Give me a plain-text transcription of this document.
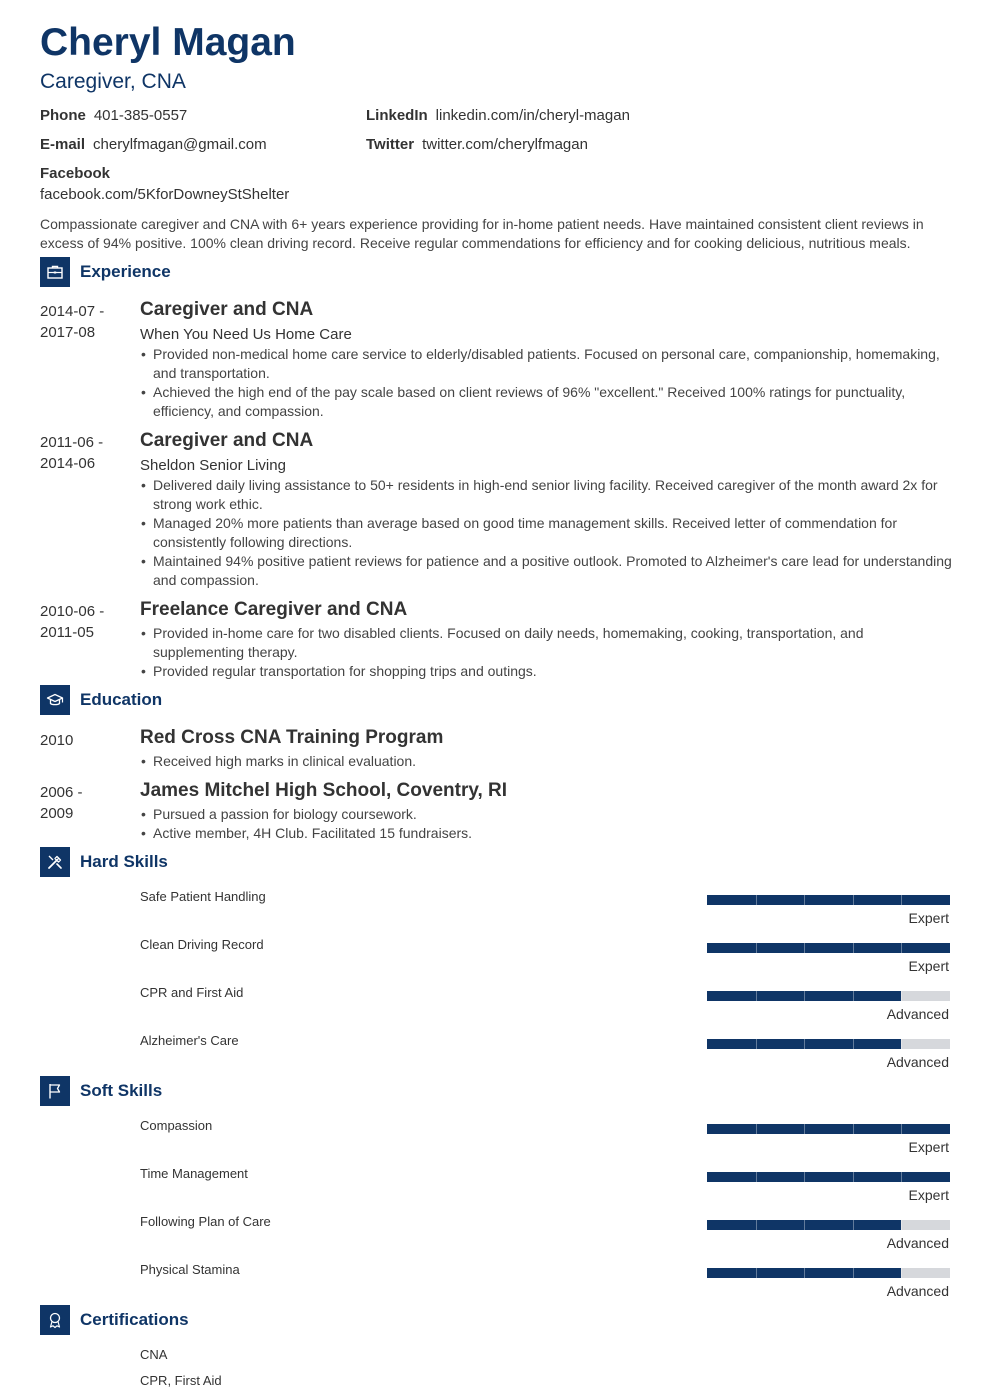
Cheryl Magan
Caregiver, CNA
Phone 401-385-0557
E-mail cherylfmagan@gmail.com
LinkedIn linkedin.com/in/cheryl-magan
Twitter twitter.com/cherylfmagan
Facebook
facebook.com/5KforDowneyStShelter
Compassionate caregiver and CNA with 6+ years experience providing for in-home patient needs. Have maintained consistent client reviews in excess of 94% positive. 100% clean driving record. Receive regular commendations for efficiency and for cooking delicious, nutritious meals.
Experience
2014-07 -
2017-08
Caregiver and CNA
When You Need Us Home Care
• Provided non-medical home care service to elderly/disabled patients. Focused on personal care, companionship, homemaking, and transportation.
• Achieved the high end of the pay scale based on client reviews of 96% "excellent." Received 100% ratings for punctuality, efficiency, and compassion.
2011-06 -
2014-06
Caregiver and CNA
Sheldon Senior Living
• Delivered daily living assistance to 50+ residents in high-end senior living facility. Received caregiver of the month award 2x for strong work ethic.
• Managed 20% more patients than average based on good time management skills. Received letter of commendation for consistently following directions.
• Maintained 94% positive patient reviews for patience and a positive outlook. Promoted to Alzheimer's care lead for understanding and compassion.
2010-06 -
2011-05
Freelance Caregiver and CNA
• Provided in-home care for two disabled clients. Focused on daily needs, homemaking, cooking, transportation, and supplementing therapy.
• Provided regular transportation for shopping trips and outings.
Education
2010	Red Cross CNA Training Program
• Received high marks in clinical evaluation.
2006 -
2009
James Mitchel High School, Coventry, RI
• Pursued a passion for biology coursework.
• Active member, 4H Club. Facilitated 15 fundraisers.
Hard Skills
Safe Patient Handling
Expert
Clean Driving Record
Expert
CPR and First Aid
Advanced
Alzheimer's Care
Advanced
Soft Skills
Compassion
Expert
Time Management
Expert
Following Plan of Care
Advanced
Physical Stamina
Advanced
Certifications
CNA
CPR, First Aid
